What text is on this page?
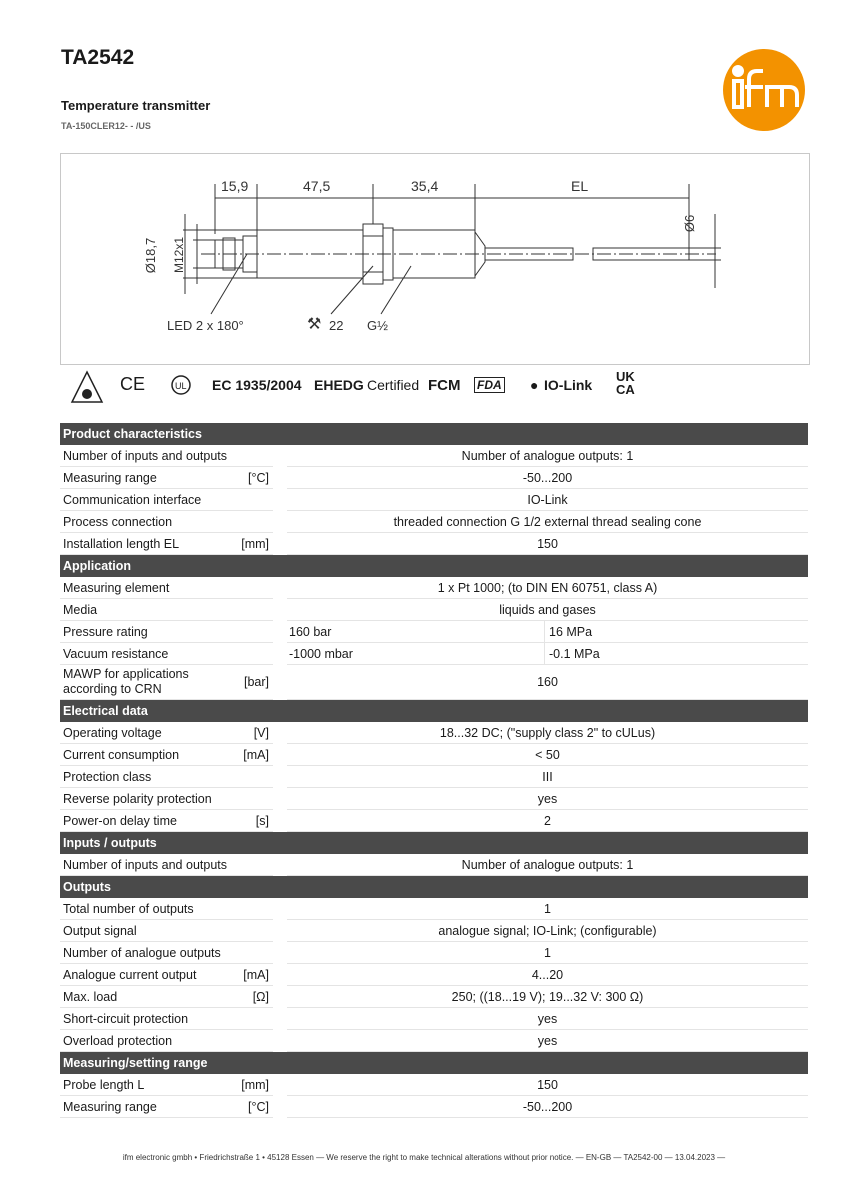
TA2542
Temperature transmitter
TA-150CLER12- - /US
15,9	47,5	35,4	EL
Ø18,7 M12x1
Ø6
LED 2 x 180°	⚒ 22 G½
CE	UL EC 1935/2004 EHEDG Certified FCM FDA ● IO-Link
UK
CA
Product characteristics			
Number of inputs and outputs		Number of analogue outputs: 1	
Measuring range [°C]		-50...200	
Communication interface		IO-Link	
Process connection		threaded connection G 1/2 external thread sealing cone	
Installation length EL [mm]		150	
Application			
Measuring element		1 x Pt 1000; (to DIN EN 60751, class A)	
Media		liquids and gases	
Pressure rating		160 bar	16 MPa
Vacuum resistance		-1000 mbar	-0.1 MPa
MAWP for applications according to CRN [bar]		160	
Electrical data			
Operating voltage [V]		18...32 DC; ("supply class 2" to cULus)	
Current consumption [mA]		< 50	
Protection class		III	
Reverse polarity protection		yes	
Power-on delay time [s]		2	
Inputs / outputs			
Number of inputs and outputs		Number of analogue outputs: 1	
Outputs			
Total number of outputs		1	
Output signal		analogue signal; IO-Link; (configurable)	
Number of analogue outputs		1	
Analogue current output [mA]		4...20	
Max. load [Ω]		250; ((18...19 V); 19...32 V: 300 Ω)	
Short-circuit protection		yes	
Overload protection		yes	
Measuring/setting range			
Probe length L [mm]		150	
Measuring range [°C]		-50...200	
ifm electronic gmbh • Friedrichstraße 1 • 45128 Essen — We reserve the right to make technical alterations without prior notice. — EN-GB — TA2542-00 — 13.04.2023 —
